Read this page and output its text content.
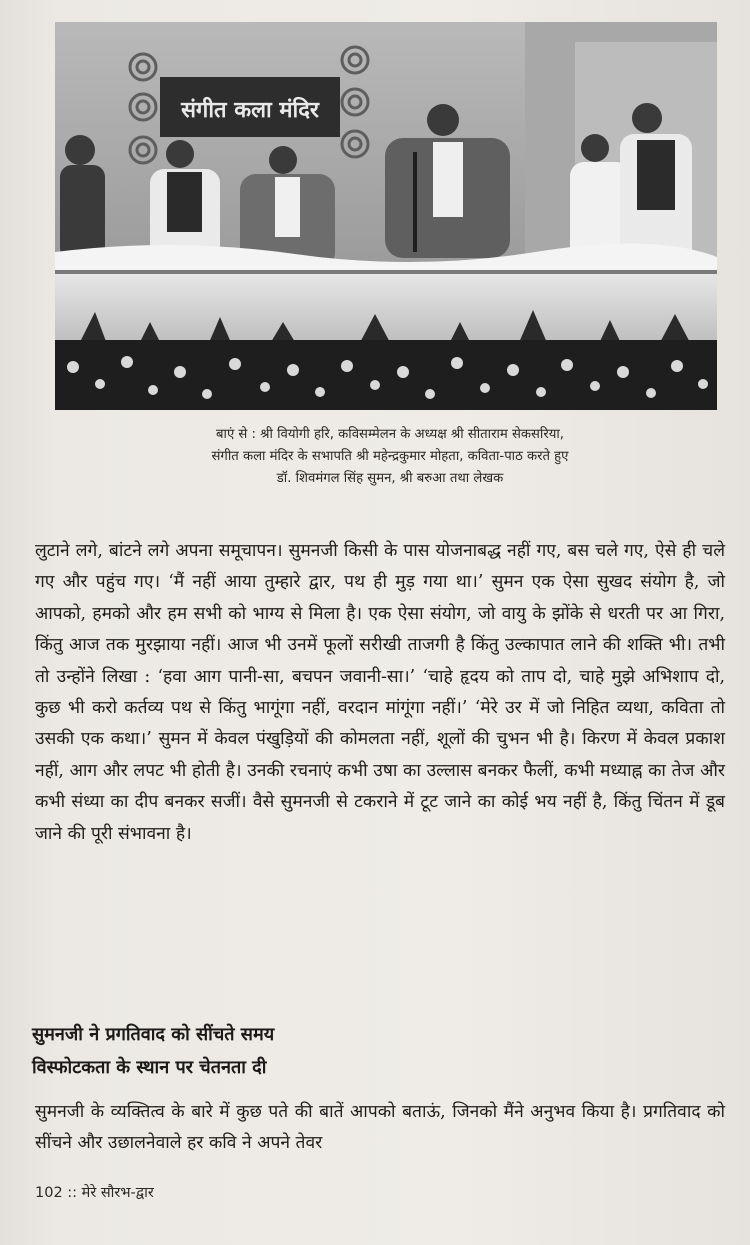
संगीत कला मंदिर
बाएं से : श्री वियोगी हरि, कविसम्मेलन के अध्यक्ष श्री सीताराम सेकसरिया,
संगीत कला मंदिर के सभापति श्री महेन्द्रकुमार मोहता, कविता-पाठ करते हुए
डॉ. शिवमंगल सिंह सुमन, श्री बरुआ तथा लेखक

लुटाने लगे, बांटने लगे अपना समूचापन। सुमनजी किसी के पास योजनाबद्ध नहीं गए, बस चले गए, ऐसे ही चले गए और पहुंच गए। ‘मैं नहीं आया तुम्हारे द्वार, पथ ही मुड़ गया था।’ सुमन एक ऐसा सुखद संयोग है, जो आपको, हमको और हम सभी को भाग्य से मिला है। एक ऐसा संयोग, जो वायु के झोंके से धरती पर आ गिरा, किंतु आज तक मुरझाया नहीं। आज भी उनमें फूलों सरीखी ताजगी है किंतु उल्कापात लाने की शक्ति भी। तभी तो उन्होंने लिखा : ‘हवा आग पानी-सा, बचपन जवानी-सा।’ ‘चाहे हृदय को ताप दो, चाहे मुझे अभिशाप दो, कुछ भी करो कर्तव्य पथ से किंतु भागूंगा नहीं, वरदान मांगूंगा नहीं।’ ‘मेरे उर में जो निहित व्यथा, कविता तो उसकी एक कथा।’ सुमन में केवल पंखुड़ियों की कोमलता नहीं, शूलों की चुभन भी है। किरण में केवल प्रकाश नहीं, आग और लपट भी होती है। उनकी रचनाएं कभी उषा का उल्लास बनकर फैलीं, कभी मध्याह्न का तेज और कभी संध्या का दीप बनकर सजीं। वैसे सुमनजी से टकराने में टूट जाने का कोई भय नहीं है, किंतु चिंतन में डूब जाने की पूरी संभावना है।

सुमनजी ने प्रगतिवाद को सींचते समय
विस्फोटकता के स्थान पर चेतनता दी

सुमनजी के व्यक्तित्व के बारे में कुछ पते की बातें आपको बताऊं, जिनको मैंने अनुभव किया है। प्रगतिवाद को सींचने और उछालनेवाले हर कवि ने अपने तेवर

102 :: मेरे सौरभ-द्वार
